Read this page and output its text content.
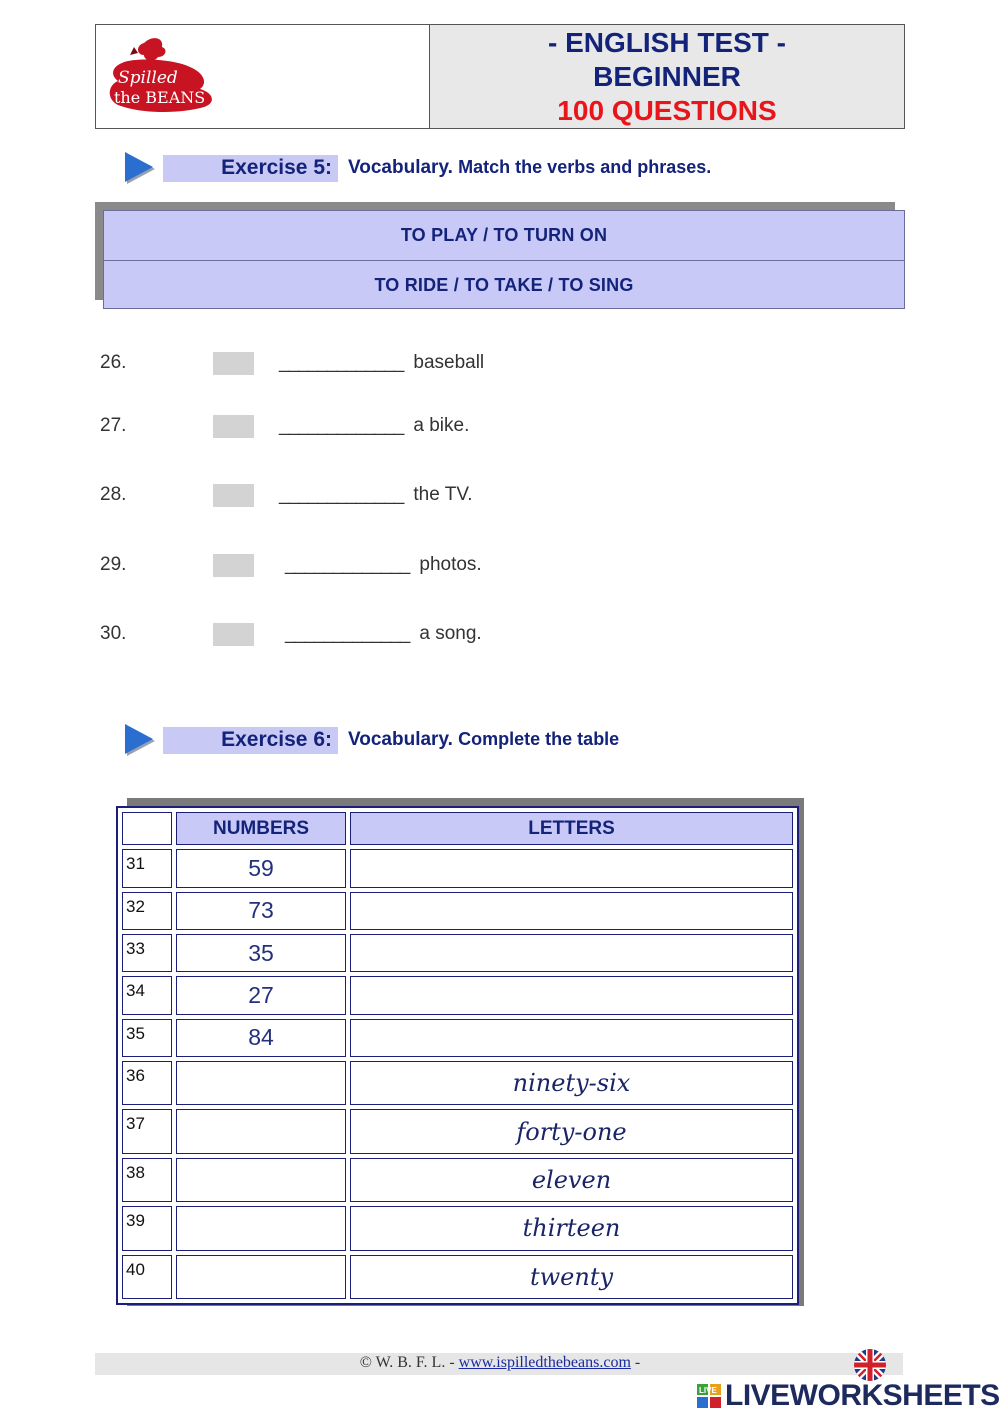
Spilled
the BEANS
- ENGLISH TEST -
BEGINNER
100 QUESTIONS
Exercise 5: Vocabulary. Match the verbs and phrases.
TO PLAY / TO TURN ON
TO RIDE / TO TAKE / TO SING
26.	_____________ baseball
27.	_____________ a bike.
28.	_____________ the TV.
29.	_____________ photos.
30.	_____________ a song.
Exercise 6: Vocabulary. Complete the table
	NUMBERS	LETTERS
31	59	
32	73	
33	35	
34	27	
35	84	
36		ninety-six
37		forty-one
38		eleven
39		thirteen
40		twenty
© W. B. F. L. - www.ispilledthebeans.com -
LIVE LIVEWORKSHEETS
